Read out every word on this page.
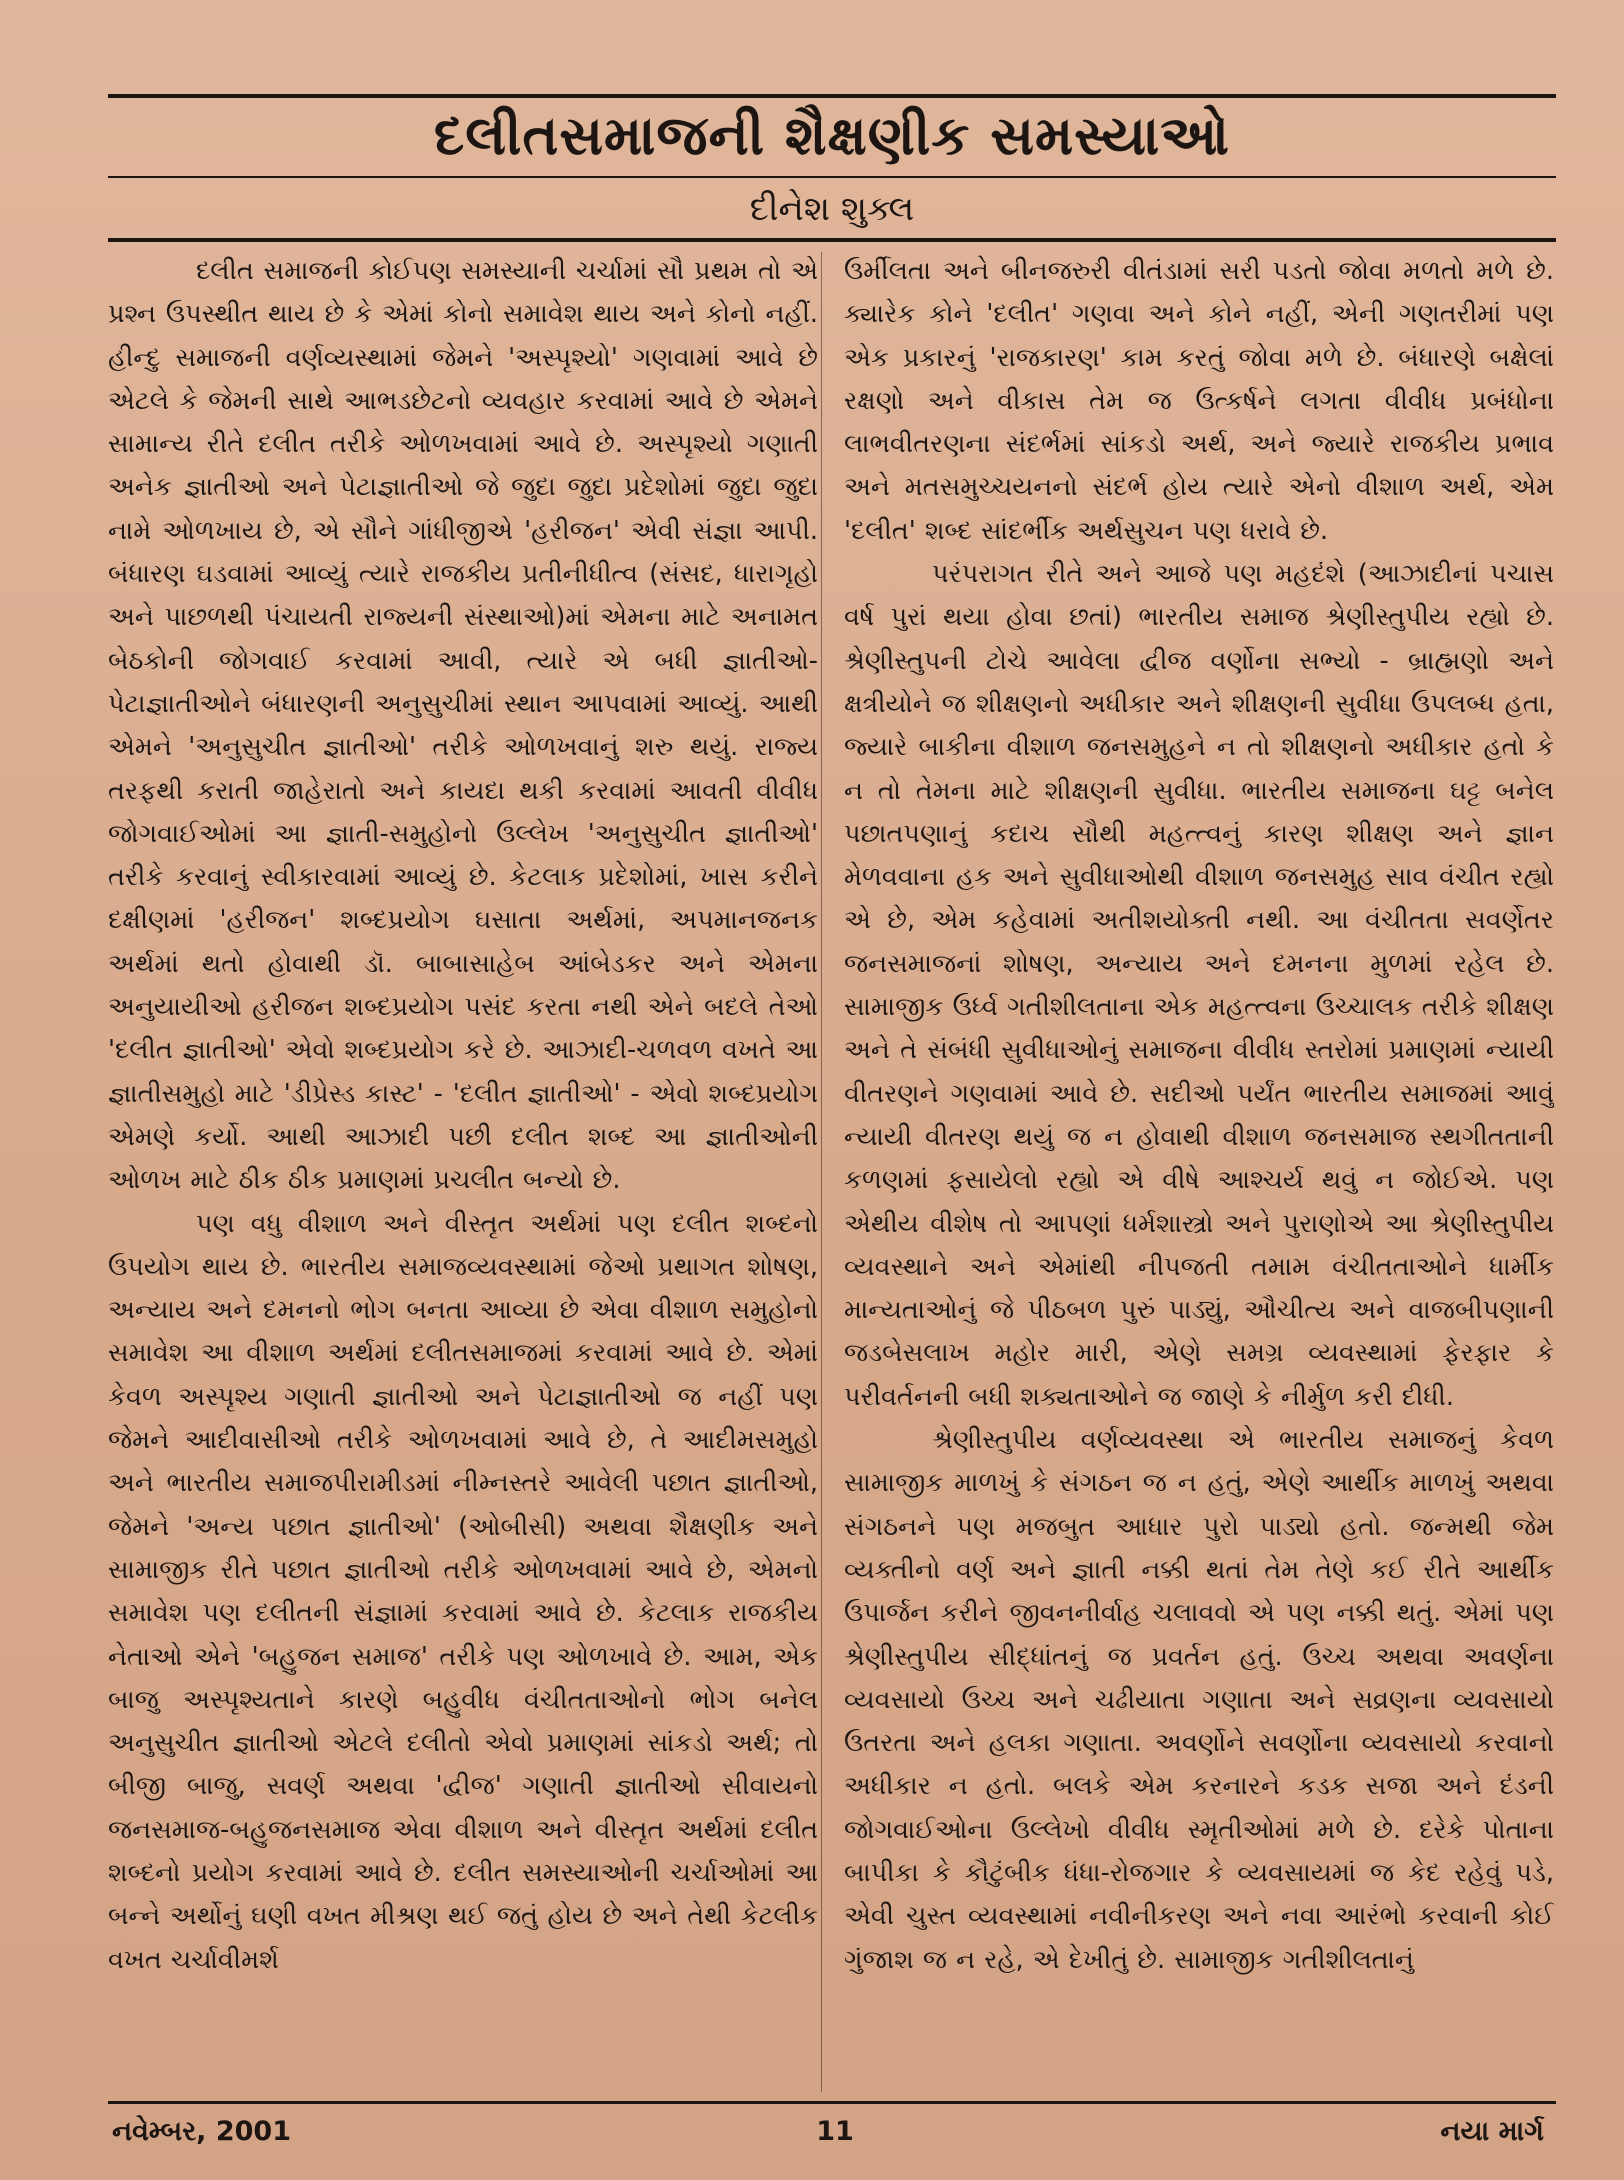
દલીતસમાજની શૈક્ષણીક સમસ્યાઓ
દીનેશ શુક્લ

દલીત સમાજની કોઈપણ સમસ્યાની ચર્ચામાં સૌ પ્રથમ તો એ પ્રશ્ન ઉપસ્થીત થાય છે કે એમાં કોનો સમાવેશ થાય અને કોનો નહીં. હીન્દુ સમાજની વર્ણવ્યસ્થામાં જેમને 'અસ્પૃશ્યો' ગણવામાં આવે છે એટલે કે જેમની સાથે આભડછેટનો વ્યવહાર કરવામાં આવે છે એમને સામાન્ય રીતે દલીત તરીકે ઓળખવામાં આવે છે. અસ્પૃશ્યો ગણાતી અનેક જ્ઞાતીઓ અને પેટાજ્ઞાતીઓ જે જુદા જુદા પ્રદેશોમાં જુદા જુદા નામે ઓળખાય છે, એ સૌને ગાંધીજીએ 'હરીજન' એવી સંજ્ઞા આપી. બંધારણ ઘડવામાં આવ્યું ત્યારે રાજકીય પ્રતીનીધીત્વ (સંસદ, ધારાગૃહો અને પાછળથી પંચાયતી રાજ્યની સંસ્થાઓ)માં એમના માટે અનામત બેઠકોની જોગવાઈ કરવામાં આવી, ત્યારે એ બધી જ્ઞાતીઓ-પેટાજ્ઞાતીઓને બંધારણની અનુસુચીમાં સ્થાન આપવામાં આવ્યું. આથી એમને 'અનુસુચીત જ્ઞાતીઓ' તરીકે ઓળખવાનું શરુ થયું. રાજ્ય તરફથી કરાતી જાહેરાતો અને કાયદા થકી કરવામાં આવતી વીવીધ જોગવાઈઓમાં આ જ્ઞાતી-સમુહોનો ઉલ્લેખ 'અનુસુચીત જ્ઞાતીઓ' તરીકે કરવાનું સ્વીકારવામાં આવ્યું છે. કેટલાક પ્રદેશોમાં, ખાસ કરીને દક્ષીણમાં 'હરીજન' શબ્દપ્રયોગ ઘસાતા અર્થમાં, અપમાનજનક અર્થમાં થતો હોવાથી ડૉ. બાબાસાહેબ આંબેડકર અને એમના અનુયાયીઓ હરીજન શબ્દપ્રયોગ પસંદ કરતા નથી એને બદલે તેઓ 'દલીત જ્ઞાતીઓ' એવો શબ્દપ્રયોગ કરે છે. આઝાદી-ચળવળ વખતે આ જ્ઞાતીસમુહો માટે 'ડીપ્રેસ્ડ કાસ્ટ' - 'દલીત જ્ઞાતીઓ' - એવો શબ્દપ્રયોગ એમણે કર્યો. આથી આઝાદી પછી દલીત શબ્દ આ જ્ઞાતીઓની ઓળખ માટે ઠીક ઠીક પ્રમાણમાં પ્રચલીત બન્યો છે.

પણ વધુ વીશાળ અને વીસ્તૃત અર્થમાં પણ દલીત શબ્દનો ઉપયોગ થાય છે. ભારતીય સમાજવ્યવસ્થામાં જેઓ પ્રથાગત શોષણ, અન્યાય અને દમનનો ભોગ બનતા આવ્યા છે એવા વીશાળ સમુહોનો સમાવેશ આ વીશાળ અર્થમાં દલીતસમાજમાં કરવામાં આવે છે. એમાં કેવળ અસ્પૃશ્ય ગણાતી જ્ઞાતીઓ અને પેટાજ્ઞાતીઓ જ નહીં પણ જેમને આદીવાસીઓ તરીકે ઓળખવામાં આવે છે, તે આદીમસમુહો અને ભારતીય સમાજપીરામીડમાં નીમ્નસ્તરે આવેલી પછાત જ્ઞાતીઓ, જેમને 'અન્ય પછાત જ્ઞાતીઓ' (ઓબીસી) અથવા શૈક્ષણીક અને સામાજીક રીતે પછાત જ્ઞાતીઓ તરીકે ઓળખવામાં આવે છે, એમનો સમાવેશ પણ દલીતની સંજ્ઞામાં કરવામાં આવે છે. કેટલાક રાજકીય નેતાઓ એને 'બહુજન સમાજ' તરીકે પણ ઓળખાવે છે. આમ, એક બાજુ અસ્પૃશ્યતાને કારણે બહુવીધ વંચીતતાઓનો ભોગ બનેલ અનુસુચીત જ્ઞાતીઓ એટલે દલીતો એવો પ્રમાણમાં સાંકડો અર્થ; તો બીજી બાજુ, સવર્ણ અથવા 'દ્વીજ' ગણાતી જ્ઞાતીઓ સીવાયનો જનસમાજ-બહુજનસમાજ એવા વીશાળ અને વીસ્તૃત અર્થમાં દલીત શબ્દનો પ્રયોગ કરવામાં આવે છે. દલીત સમસ્યાઓની ચર્ચાઓમાં આ બન્ને અર્થોનું ઘણી વખત મીશ્રણ થઈ જતું હોય છે અને તેથી કેટલીક વખત ચર્ચાવીમર્શ

ઉર્મીલતા અને બીનજરુરી વીતંડામાં સરી પડતો જોવા મળતો મળે છે. ક્યારેક કોને 'દલીત' ગણવા અને કોને નહીં, એની ગણતરીમાં પણ એક પ્રકારનું 'રાજકારણ' કામ કરતું જોવા મળે છે. બંધારણે બક્ષેલાં રક્ષણો અને વીકાસ તેમ જ ઉત્કર્ષને લગતા વીવીધ પ્રબંધોના લાભવીતરણના સંદર્ભમાં સાંકડો અર્થ, અને જ્યારે રાજકીય પ્રભાવ અને મતસમુચ્ચયનનો સંદર્ભ હોય ત્યારે એનો વીશાળ અર્થ, એમ 'દલીત' શબ્દ સાંદર્ભીક અર્થસુચન પણ ધરાવે છે.

પરંપરાગત રીતે અને આજે પણ મહદંશે (આઝાદીનાં પચાસ વર્ષ પુરાં થયા હોવા છતાં) ભારતીય સમાજ શ્રેણીસ્તુપીય રહ્યો છે. શ્રેણીસ્તુપની ટોચે આવેલા દ્વીજ વર્ણોના સભ્યો - બ્રાહ્મણો અને ક્ષત્રીયોને જ શીક્ષણનો અધીકાર અને શીક્ષણની સુવીધા ઉપલબ્ધ હતા, જ્યારે બાકીના વીશાળ જનસમુહને ન તો શીક્ષણનો અધીકાર હતો કે ન તો તેમના માટે શીક્ષણની સુવીધા. ભારતીય સમાજના ઘટ્ટ બનેલ પછાતપણાનું કદાચ સૌથી મહત્ત્વનું કારણ શીક્ષણ અને જ્ઞાન મેળવવાના હક અને સુવીધાઓથી વીશાળ જનસમુહ સાવ વંચીત રહ્યો એ છે, એમ કહેવામાં અતીશયોક્તી નથી. આ વંચીતતા સવર્ણેતર જનસમાજનાં શોષણ, અન્યાય અને દમનના મુળમાં રહેલ છે. સામાજીક ઉર્ધ્વ ગતીશીલતાના એક મહત્ત્વના ઉચ્ચાલક તરીકે શીક્ષણ અને તે સંબંધી સુવીધાઓનું સમાજના વીવીધ સ્તરોમાં પ્રમાણમાં ન્યાયી વીતરણને ગણવામાં આવે છે. સદીઓ પર્યંત ભારતીય સમાજમાં આવું ન્યાયી વીતરણ થયું જ ન હોવાથી વીશાળ જનસમાજ સ્થગીતતાની કળણમાં ફસાયેલો રહ્યો એ વીષે આશ્ચર્ય થવું ન જોઈએ. પણ એથીય વીશેષ તો આપણાં ધર્મશાસ્ત્રો અને પુરાણોએ આ શ્રેણીસ્તુપીય વ્યવસ્થાને અને એમાંથી નીપજતી તમામ વંચીતતાઓને ધાર્મીક માન્યતાઓનું જે પીઠબળ પુરું પાડ્યું, ઔચીત્ય અને વાજબીપણાની જડબેસલાખ મહોર મારી, એણે સમગ્ર વ્યવસ્થામાં ફેરફાર કે પરીવર્તનની બધી શક્યતાઓને જ જાણે કે નીર્મુળ કરી દીધી.

શ્રેણીસ્તુપીય વર્ણવ્યવસ્થા એ ભારતીય સમાજનું કેવળ સામાજીક માળખું કે સંગઠન જ ન હતું, એણે આર્થીક માળખું અથવા સંગઠનને પણ મજબુત આધાર પુરો પાડ્યો હતો. જન્મથી જેમ વ્યક્તીનો વર્ણ અને જ્ઞાતી નક્કી થતાં તેમ તેણે કઈ રીતે આર્થીક ઉપાર્જન કરીને જીવનનીર્વાહ ચલાવવો એ પણ નક્કી થતું. એમાં પણ શ્રેણીસ્તુપીય સીદ્ધાંતનું જ પ્રવર્તન હતું. ઉચ્ચ અથવા અવર્ણના વ્યવસાયો ઉચ્ચ અને ચઢીયાતા ગણાતા અને સવ્રણના વ્યવસાયો ઉતરતા અને હલકા ગણાતા. અવર્ણોને સવર્ણોના વ્યવસાયો કરવાનો અધીકાર ન હતો. બલકે એમ કરનારને કડક સજા અને દંડની જોગવાઈઓના ઉલ્લેખો વીવીધ સ્મૃતીઓમાં મળે છે. દરેકે પોતાના બાપીકા કે કૌટુંબીક ધંધા-રોજગાર કે વ્યવસાયમાં જ કેદ રહેવું પડે, એવી ચુસ્ત વ્યવસ્થામાં નવીનીકરણ અને નવા આરંભો કરવાની કોઈ ગુંજાશ જ ન રહે, એ દેખીતું છે. સામાજીક ગતીશીલતાનું

નવેમ્બર, 2001	11	નયા માર્ગ
